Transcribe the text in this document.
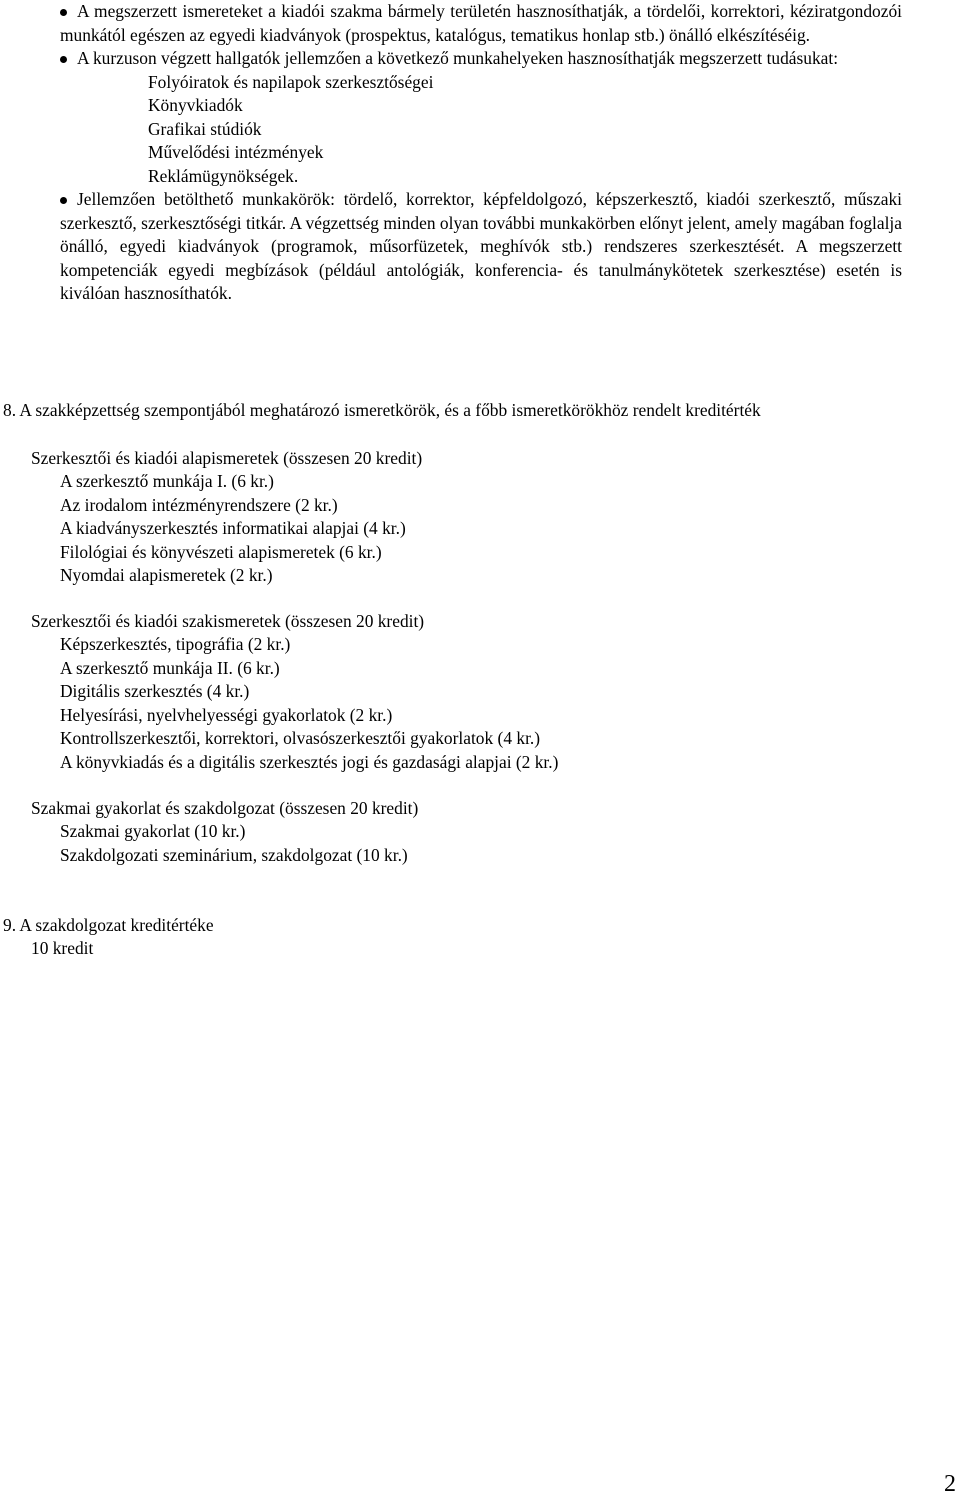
A megszerzett ismereteket a kiadói szakma bármely területén hasznosíthatják, a tördelői, korrektori, kéziratgondozói munkától egészen az egyedi kiadványok (prospektus, katalógus, tematikus honlap stb.) önálló elkészítéséig.
A kurzuson végzett hallgatók jellemzően a következő munkahelyeken hasznosíthatják megszerzett tudásukat:
Folyóiratok és napilapok szerkesztőségei
Könyvkiadók
Grafikai stúdiók
Művelődési intézmények
Reklámügynökségek.
Jellemzően betölthető munkakörök: tördelő, korrektor, képfeldolgozó, képszerkesztő, kiadói szerkesztő, műszaki szerkesztő, szerkesztőségi titkár. A végzettség minden olyan további munkakörben előnyt jelent, amely magában foglalja önálló, egyedi kiadványok (programok, műsorfüzetek, meghívók stb.) rendszeres szerkesztését. A megszerzett kompetenciák egyedi megbízások (például antológiák, konferencia- és tanulmánykötetek szerkesztése) esetén is kiválóan hasznosíthatók.
8. A szakképzettség szempontjából meghatározó ismeretkörök, és a főbb ismeretkörökhöz rendelt kreditérték
Szerkesztői és kiadói alapismeretek (összesen 20 kredit)
A szerkesztő munkája I. (6 kr.)
Az irodalom intézményrendszere (2 kr.)
A kiadványszerkesztés informatikai alapjai (4 kr.)
Filológiai és könyvészeti alapismeretek (6 kr.)
Nyomdai alapismeretek (2 kr.)
Szerkesztői és kiadói szakismeretek (összesen 20 kredit)
Képszerkesztés, tipográfia (2 kr.)
A szerkesztő munkája II. (6 kr.)
Digitális szerkesztés (4 kr.)
Helyesírási, nyelvhelyességi gyakorlatok (2 kr.)
Kontrollszerkesztői, korrektori, olvasószerkesztői gyakorlatok (4 kr.)
A könyvkiadás és a digitális szerkesztés jogi és gazdasági alapjai (2 kr.)
Szakmai gyakorlat és szakdolgozat (összesen 20 kredit)
Szakmai gyakorlat (10 kr.)
Szakdolgozati szeminárium, szakdolgozat (10 kr.)
9. A szakdolgozat kreditértéke
10 kredit
2
